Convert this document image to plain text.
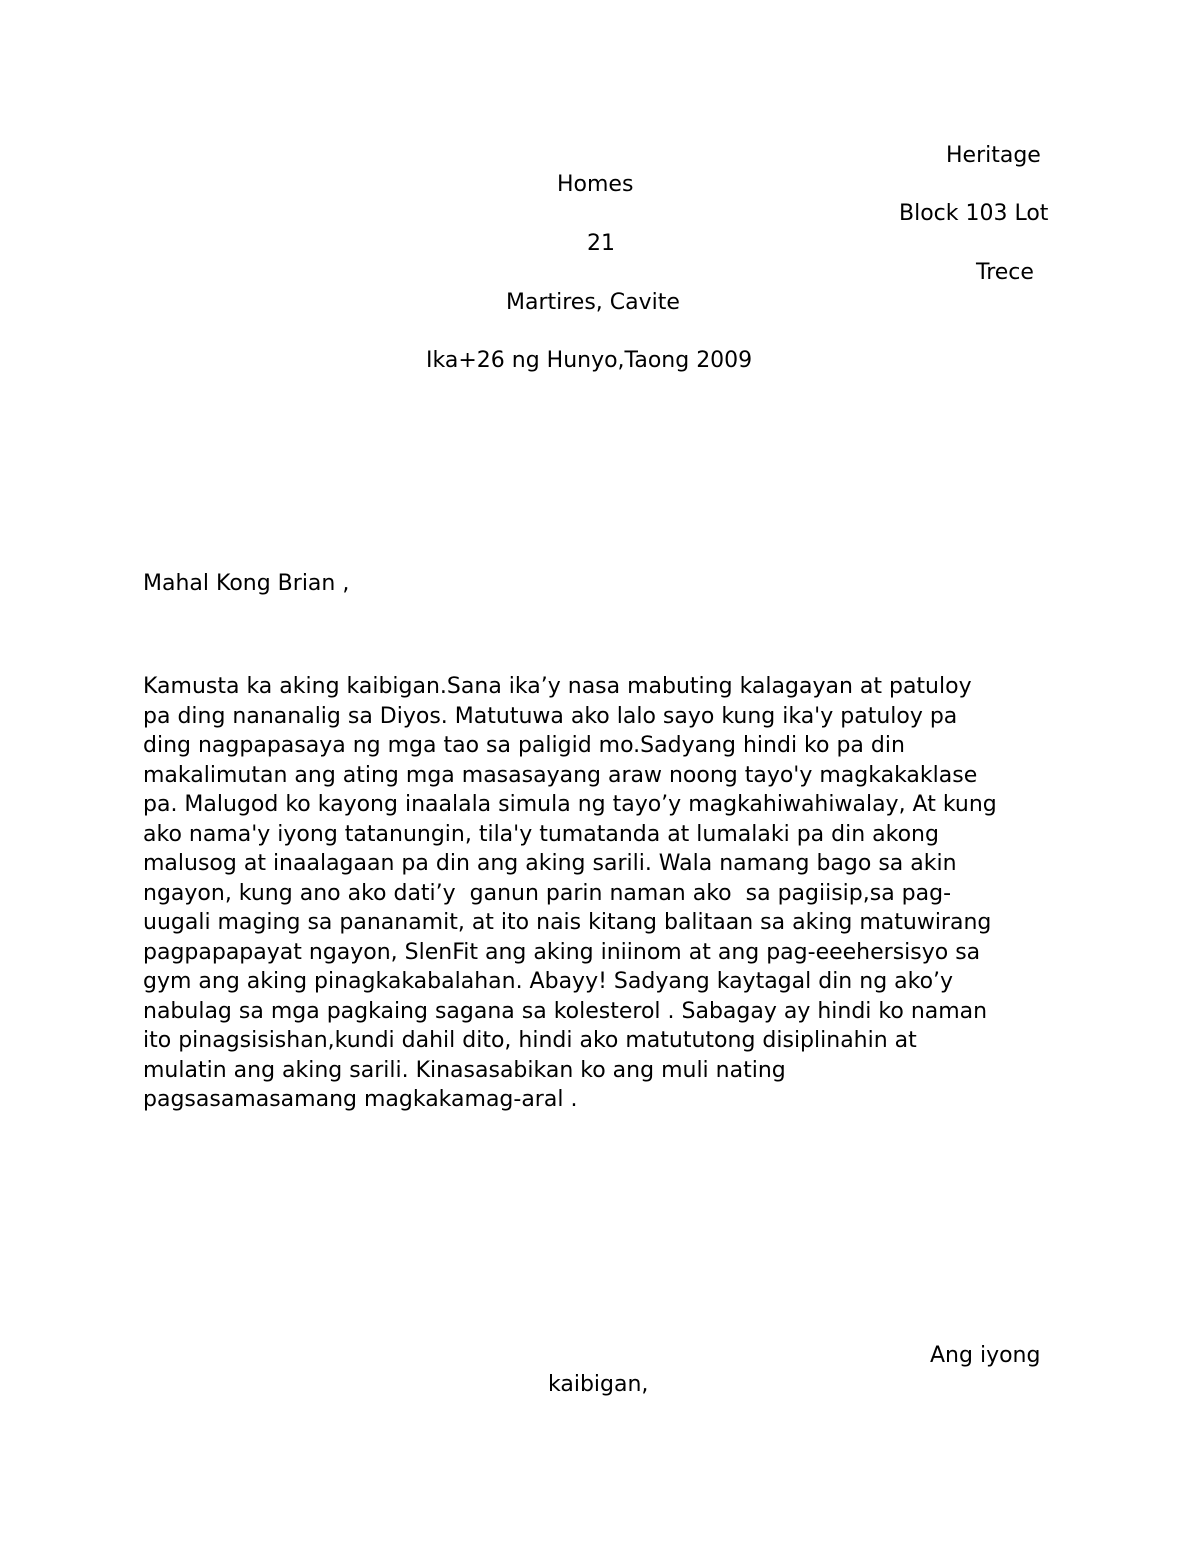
Heritage
Homes
Block 103 Lot
21
Trece
Martires, Cavite
Ika+26 ng Hunyo,Taong 2009
Mahal Kong Brian ,
Kamusta ka aking kaibigan.Sana ika’y nasa mabuting kalagayan at patuloy
pa ding nananalig sa Diyos. Matutuwa ako lalo sayo kung ika'y patuloy pa
ding nagpapasaya ng mga tao sa paligid mo.Sadyang hindi ko pa din
makalimutan ang ating mga masasayang araw noong tayo'y magkakaklase
pa. Malugod ko kayong inaalala simula ng tayo’y magkahiwahiwalay, At kung
ako nama'y iyong tatanungin, tila'y tumatanda at lumalaki pa din akong
malusog at inaalagaan pa din ang aking sarili. Wala namang bago sa akin
ngayon, kung ano ako dati’y  ganun parin naman ako  sa pagiisip,sa pag-
uugali maging sa pananamit, at ito nais kitang balitaan sa aking matuwirang
pagpapapayat ngayon, SlenFit ang aking iniinom at ang pag-eeehersisyo sa
gym ang aking pinagkakabalahan. Abayy! Sadyang kaytagal din ng ako’y
nabulag sa mga pagkaing sagana sa kolesterol . Sabagay ay hindi ko naman
ito pinagsisishan,kundi dahil dito, hindi ako matututong disiplinahin at
mulatin ang aking sarili. Kinasasabikan ko ang muli nating
pagsasamasamang magkakamag-aral .
Ang iyong
kaibigan,
